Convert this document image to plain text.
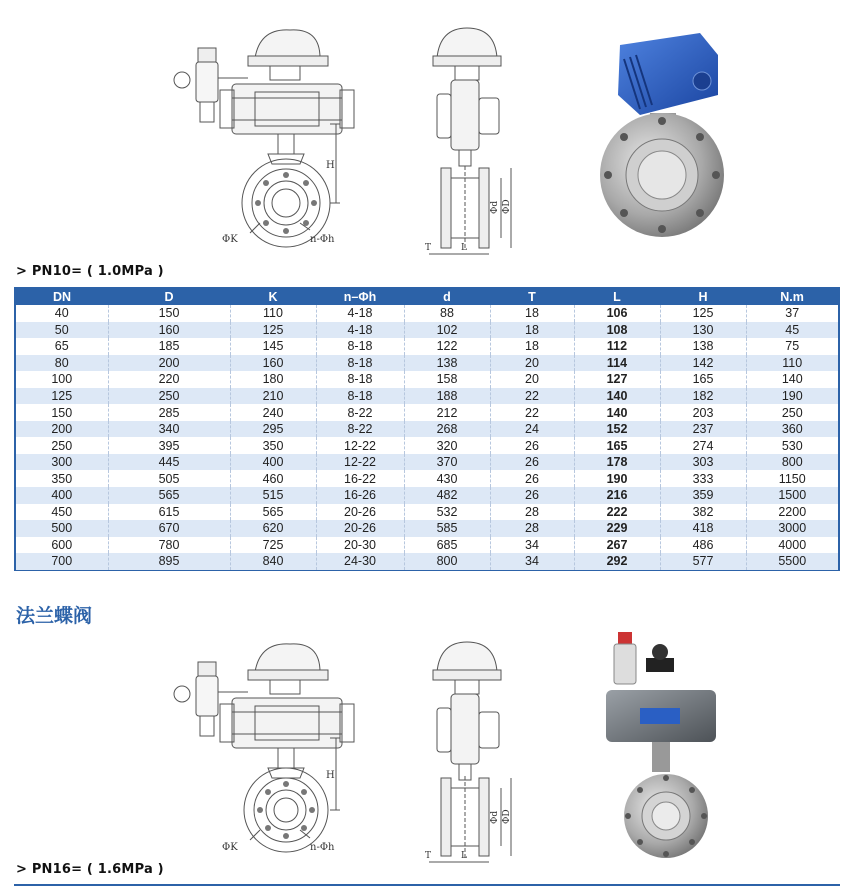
H
ΦK	n-Φh
Φd ΦD
T	L
> PN10= ( 1.0MPa )
DN	D	K	n–Φh	d	T	L	H	N.m
40	150	110	4-18	88	18	106	125	37
50	160	125	4-18	102	18	108	130	45
65	185	145	8-18	122	18	112	138	75
80	200	160	8-18	138	20	114	142	110
100	220	180	8-18	158	20	127	165	140
125	250	210	8-18	188	22	140	182	190
150	285	240	8-22	212	22	140	203	250
200	340	295	8-22	268	24	152	237	360
250	395	350	12-22	320	26	165	274	530
300	445	400	12-22	370	26	178	303	800
350	505	460	16-22	430	26	190	333	1150
400	565	515	16-26	482	26	216	359	1500
450	615	565	20-26	532	28	222	382	2200
500	670	620	20-26	585	28	229	418	3000
600	780	725	20-30	685	34	267	486	4000
700	895	840	24-30	800	34	292	577	5500
法兰蝶阀
H
ΦK	n-Φh
Φd ΦD
T	L
> PN16= ( 1.6MPa )
